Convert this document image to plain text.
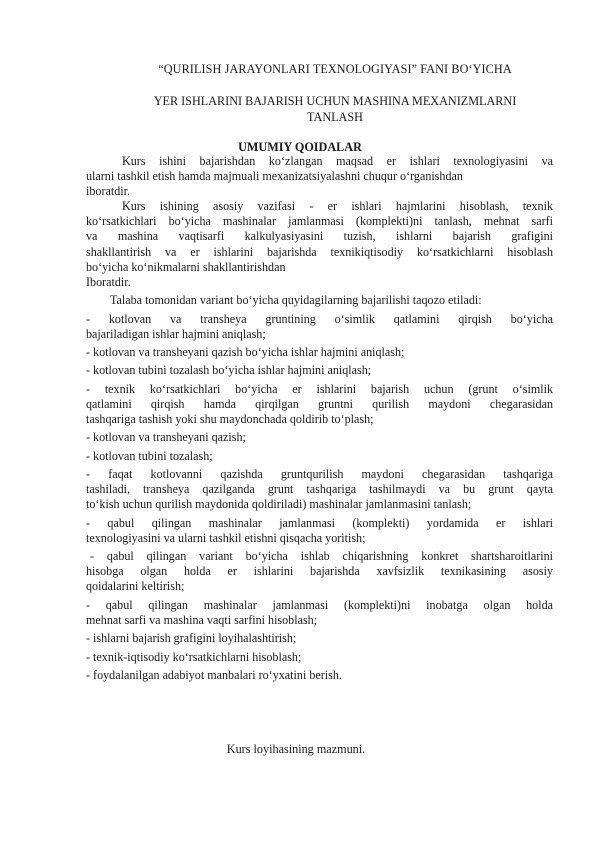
“QURILISH JARAYONLARI TEXNOLOGIYASI” FANI BOʻYICHA
YER ISHLARINI BAJARISH UCHUN MASHINA MEXANIZMLARNI
TANLASH
UMUMIY QOIDALAR

Kurs ishini bajarishdan koʻzlangan maqsad er ishlari texnologiyasini va

ularni tashkil etish hamda majmuali mexanizatsiyalashni chuqur oʻrganishdan

iboratdir.

Kurs ishining asosiy vazifasi - er ishlari hajmlarini hisoblash, texnik

koʻrsatkichlari boʻyicha mashinalar jamlanmasi (komplekti)ni tanlash, mehnat sarfi

va mashina vaqtisarfi kalkulyasiyasini tuzish, ishlarni bajarish grafigini

shakllantirish va er ishlarini bajarishda texnikiqtisodiy koʻrsatkichlarni hisoblash

boʻyicha koʻnikmalarni shakllantirishdan

Iboratdir.

Talaba tomonidan variant boʻyicha quyidagilarning bajarilishi taqozo etiladi:

- kotlovan va transheya gruntining oʻsimlik qatlamini qirqish boʻyicha

bajariladigan ishlar hajmini aniqlash;

- kotlovan va transheyani qazish boʻyicha ishlar hajmini aniqlash;

- kotlovan tubini tozalash boʻyicha ishlar hajmini aniqlash;

- texnik koʻrsatkichlari boʻyicha er ishlarini bajarish uchun (grunt oʻsimlik

qatlamini qirqish hamda qirqilgan gruntni qurilish maydoni chegarasidan

tashqariga tashish yoki shu maydonchada qoldirib toʻplash;

- kotlovan va transheyani qazish;

- kotlovan tubini tozalash;

- faqat kotlovanni qazishda gruntqurilish maydoni chegarasidan tashqariga

tashiladi, transheya qazilganda grunt tashqariga tashilmaydi va bu grunt qayta

toʻkish uchun qurilish maydonida qoldiriladi) mashinalar jamlanmasini tanlash;

- qabul qilingan mashinalar jamlanmasi (komplekti) yordamida er ishlari

texnologiyasini va ularni tashkil etishni qisqacha yoritish;

- qabul qilingan variant boʻyicha ishlab chiqarishning konkret shartsharoitlarini

hisobga olgan holda er ishlarini bajarishda xavfsizlik texnikasining asosiy

qoidalarini keltirish;

- qabul qilingan mashinalar jamlanmasi (komplekti)ni inobatga olgan holda

mehnat sarfi va mashina vaqti sarfini hisoblash;

- ishlarni bajarish grafigini loyihalashtirish;

- texnik-iqtisodiy koʻrsatkichlarni hisoblash;

- foydalanilgan adabiyot manbalari roʻyxatini berish.

Kurs loyihasining mazmuni.
